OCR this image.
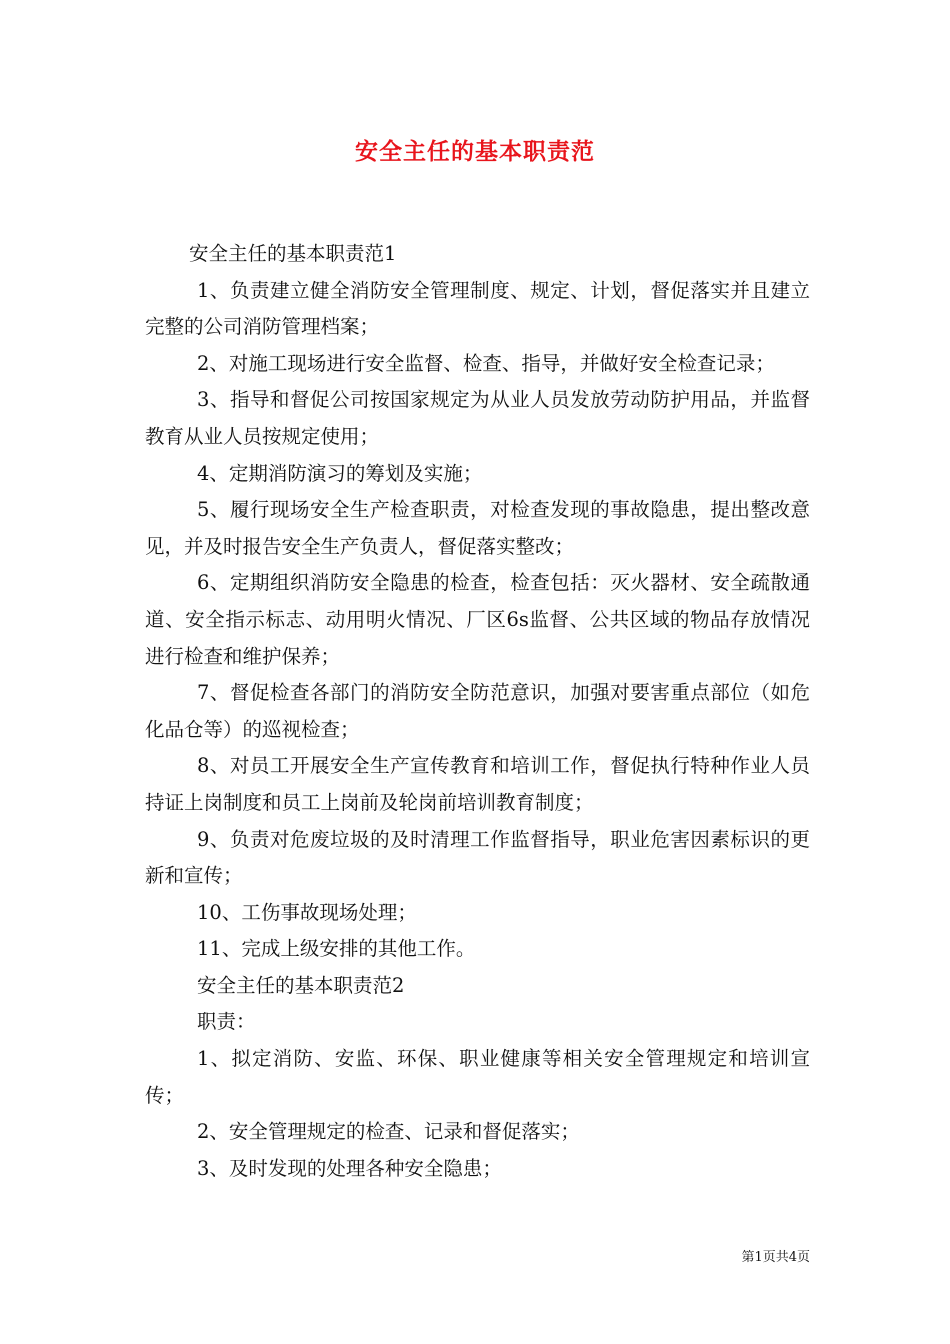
安全主任的基本职责范

安全主任的基本职责范1

1、负责建立健全消防安全管理制度、规定、计划，督促落实并且建立完整的公司消防管理档案；

2、对施工现场进行安全监督、检查、指导，并做好安全检查记录；

3、指导和督促公司按国家规定为从业人员发放劳动防护用品，并监督教育从业人员按规定使用；

4、定期消防演习的筹划及实施；

5、履行现场安全生产检查职责，对检查发现的事故隐患，提出整改意见，并及时报告安全生产负责人，督促落实整改；

6、定期组织消防安全隐患的检查，检查包括：灭火器材、安全疏散通道、安全指示标志、动用明火情况、厂区6s监督、公共区域的物品存放情况进行检查和维护保养；

7、督促检查各部门的消防安全防范意识，加强对要害重点部位（如危化品仓等）的巡视检查；

8、对员工开展安全生产宣传教育和培训工作，督促执行特种作业人员持证上岗制度和员工上岗前及轮岗前培训教育制度；

9、负责对危废垃圾的及时清理工作监督指导，职业危害因素标识的更新和宣传；

10、工伤事故现场处理；

11、完成上级安排的其他工作。

安全主任的基本职责范2

职责：

1、拟定消防、安监、环保、职业健康等相关安全管理规定和培训宣传；

2、安全管理规定的检查、记录和督促落实；

3、及时发现的处理各种安全隐患；

第1页共4页
